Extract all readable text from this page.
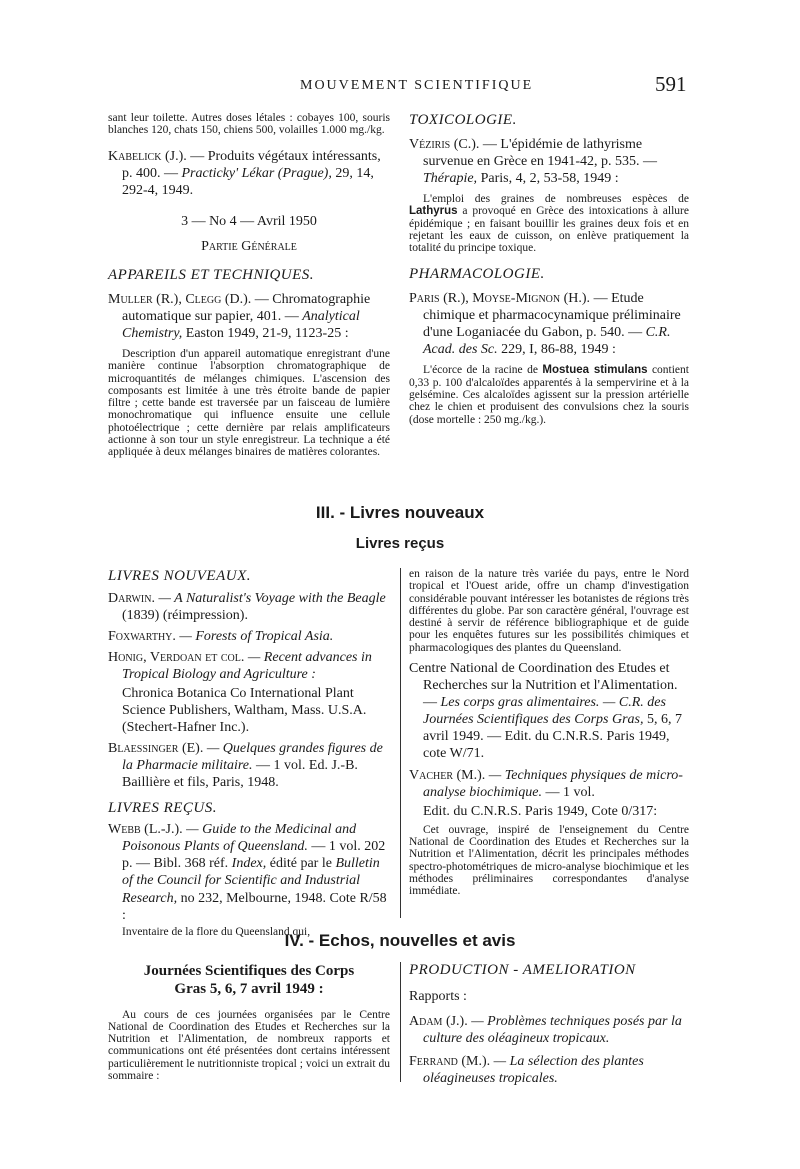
MOUVEMENT SCIENTIFIQUE	591

sant leur toilette. Autres doses létales : cobayes 100, souris blanches 120, chats 150, chiens 500, volailles 1.000 mg./kg.

Kabelick (J.). — Produits végétaux intéressants, p. 400. — Practicky' Lékar (Prague), 29, 14, 292-4, 1949.

3 — No 4 — Avril 1950

Partie Générale

APPAREILS ET TECHNIQUES.

Muller (R.), Clegg (D.). — Chromatographie automatique sur papier, 401. — Analytical Chemistry, Easton 1949, 21-9, 1123-25 :

Description d'un appareil automatique enregistrant d'une manière continue l'absorption chromatographique de microquantités de mélanges chimiques. L'ascension des composants est limitée à une très étroite bande de papier filtre ; cette bande est traversée par un faisceau de lumière monochromatique qui influence ensuite une cellule photoélectrique ; cette dernière par relais amplificateurs actionne à son tour un style enregistreur. La technique a été appliquée à deux mélanges binaires de matières colorantes.

TOXICOLOGIE.

Véziris (C.). — L'épidémie de lathyrisme survenue en Grèce en 1941-42, p. 535. — Thérapie, Paris, 4, 2, 53-58, 1949 :

L'emploi des graines de nombreuses espèces de Lathyrus a provoqué en Grèce des intoxications à allure épidémique ; en faisant bouillir les graines deux fois et en rejetant les eaux de cuisson, on enlève pratiquement la totalité du principe toxique.

PHARMACOLOGIE.

Paris (R.), Moyse-Mignon (H.). — Etude chimique et pharmacocynamique préliminaire d'une Loganiacée du Gabon, p. 540. — C.R. Acad. des Sc. 229, I, 86-88, 1949 :

L'écorce de la racine de Mostuea stimulans contient 0,33 p. 100 d'alcaloïdes apparentés à la sempervirine et à la gelsémine. Ces alcaloïdes agissent sur la pression artérielle chez le chien et produisent des convulsions chez la souris (dose mortelle : 250 mg./kg.).

III. - Livres nouveaux
Livres reçus

LIVRES NOUVEAUX.

Darwin. — A Naturalist's Voyage with the Beagle (1839) (réimpression).

Foxwarthy. — Forests of Tropical Asia.

Honig, Verdoan et col. — Recent advances in Tropical Biology and Agriculture :

Chronica Botanica Co International Plant Science Publishers, Waltham, Mass. U.S.A. (Stechert-Hafner Inc.).

Blaessinger (E). — Quelques grandes figures de la Pharmacie militaire. — 1 vol. Ed. J.-B. Baillière et fils, Paris, 1948.

LIVRES REÇUS.

Webb (L.-J.). — Guide to the Medicinal and Poisonous Plants of Queensland. — 1 vol. 202 p. — Bibl. 368 réf. Index, édité par le Bulletin of the Council for Scientific and Industrial Research, no 232, Melbourne, 1948. Cote R/58 :

Inventaire de la flore du Queensland qui,

en raison de la nature très variée du pays, entre le Nord tropical et l'Ouest aride, offre un champ d'investigation considérable pouvant intéresser les botanistes de régions très différentes du globe. Par son caractère général, l'ouvrage est destiné à servir de référence bibliographique et de guide pour les enquêtes futures sur les possibilités chimiques et pharmacologiques des plantes du Queensland.

Centre National de Coordination des Etudes et Recherches sur la Nutrition et l'Alimentation. — Les corps gras alimentaires. — C.R. des Journées Scientifiques des Corps Gras, 5, 6, 7 avril 1949. — Edit. du C.N.R.S. Paris 1949, cote W/71.

Vacher (M.). — Techniques physiques de micro-analyse biochimique. — 1 vol.

Edit. du C.N.R.S. Paris 1949, Cote 0/317:

Cet ouvrage, inspiré de l'enseignement du Centre National de Coordination des Etudes et Recherches sur la Nutrition et l'Alimentation, décrit les principales méthodes spectro-photométriques de micro-analyse biochimique et les méthodes préliminaires correspondantes d'analyse immédiate.

IV. - Echos, nouvelles et avis

Journées Scientifiques des Corps Gras 5, 6, 7 avril 1949 :

Au cours de ces journées organisées par le Centre National de Coordination des Etudes et Recherches sur la Nutrition et l'Alimentation, de nombreux rapports et communications ont été présentées dont certains intéressent particulièrement le nutritionniste tropical ; voici un extrait du sommaire :

PRODUCTION - AMELIORATION

Rapports :

Adam (J.). — Problèmes techniques posés par la culture des oléagineux tropicaux.

Ferrand (M.). — La sélection des plantes oléagineuses tropicales.
